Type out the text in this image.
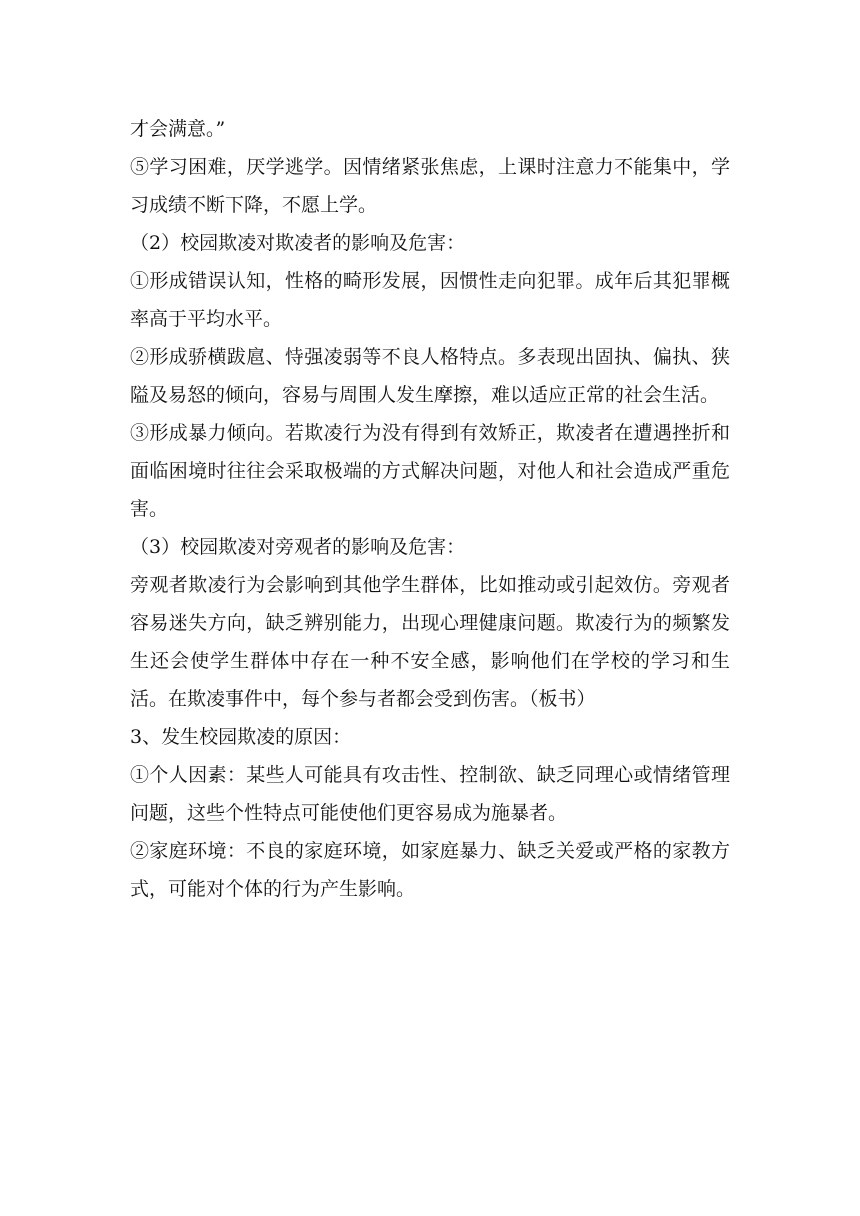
才会满意。”

⑤学习困难，厌学逃学。因情绪紧张焦虑，上课时注意力不能集中，学习成绩不断下降，不愿上学。

（2）校园欺凌对欺凌者的影响及危害：

①形成错误认知，性格的畸形发展，因惯性走向犯罪。成年后其犯罪概率高于平均水平。

②形成骄横跋扈、恃强凌弱等不良人格特点。多表现出固执、偏执、狭隘及易怒的倾向，容易与周围人发生摩擦，难以适应正常的社会生活。

③形成暴力倾向。若欺凌行为没有得到有效矫正，欺凌者在遭遇挫折和面临困境时往往会采取极端的方式解决问题，对他人和社会造成严重危害。

（3）校园欺凌对旁观者的影响及危害：

旁观者欺凌行为会影响到其他学生群体，比如推动或引起效仿。旁观者容易迷失方向，缺乏辨别能力，出现心理健康问题。欺凌行为的频繁发生还会使学生群体中存在一种不安全感，影响他们在学校的学习和生活。在欺凌事件中，每个参与者都会受到伤害。（板书）

3、发生校园欺凌的原因：

①个人因素：某些人可能具有攻击性、控制欲、缺乏同理心或情绪管理问题，这些个性特点可能使他们更容易成为施暴者。

②家庭环境：不良的家庭环境，如家庭暴力、缺乏关爱或严格的家教方式，可能对个体的行为产生影响。
